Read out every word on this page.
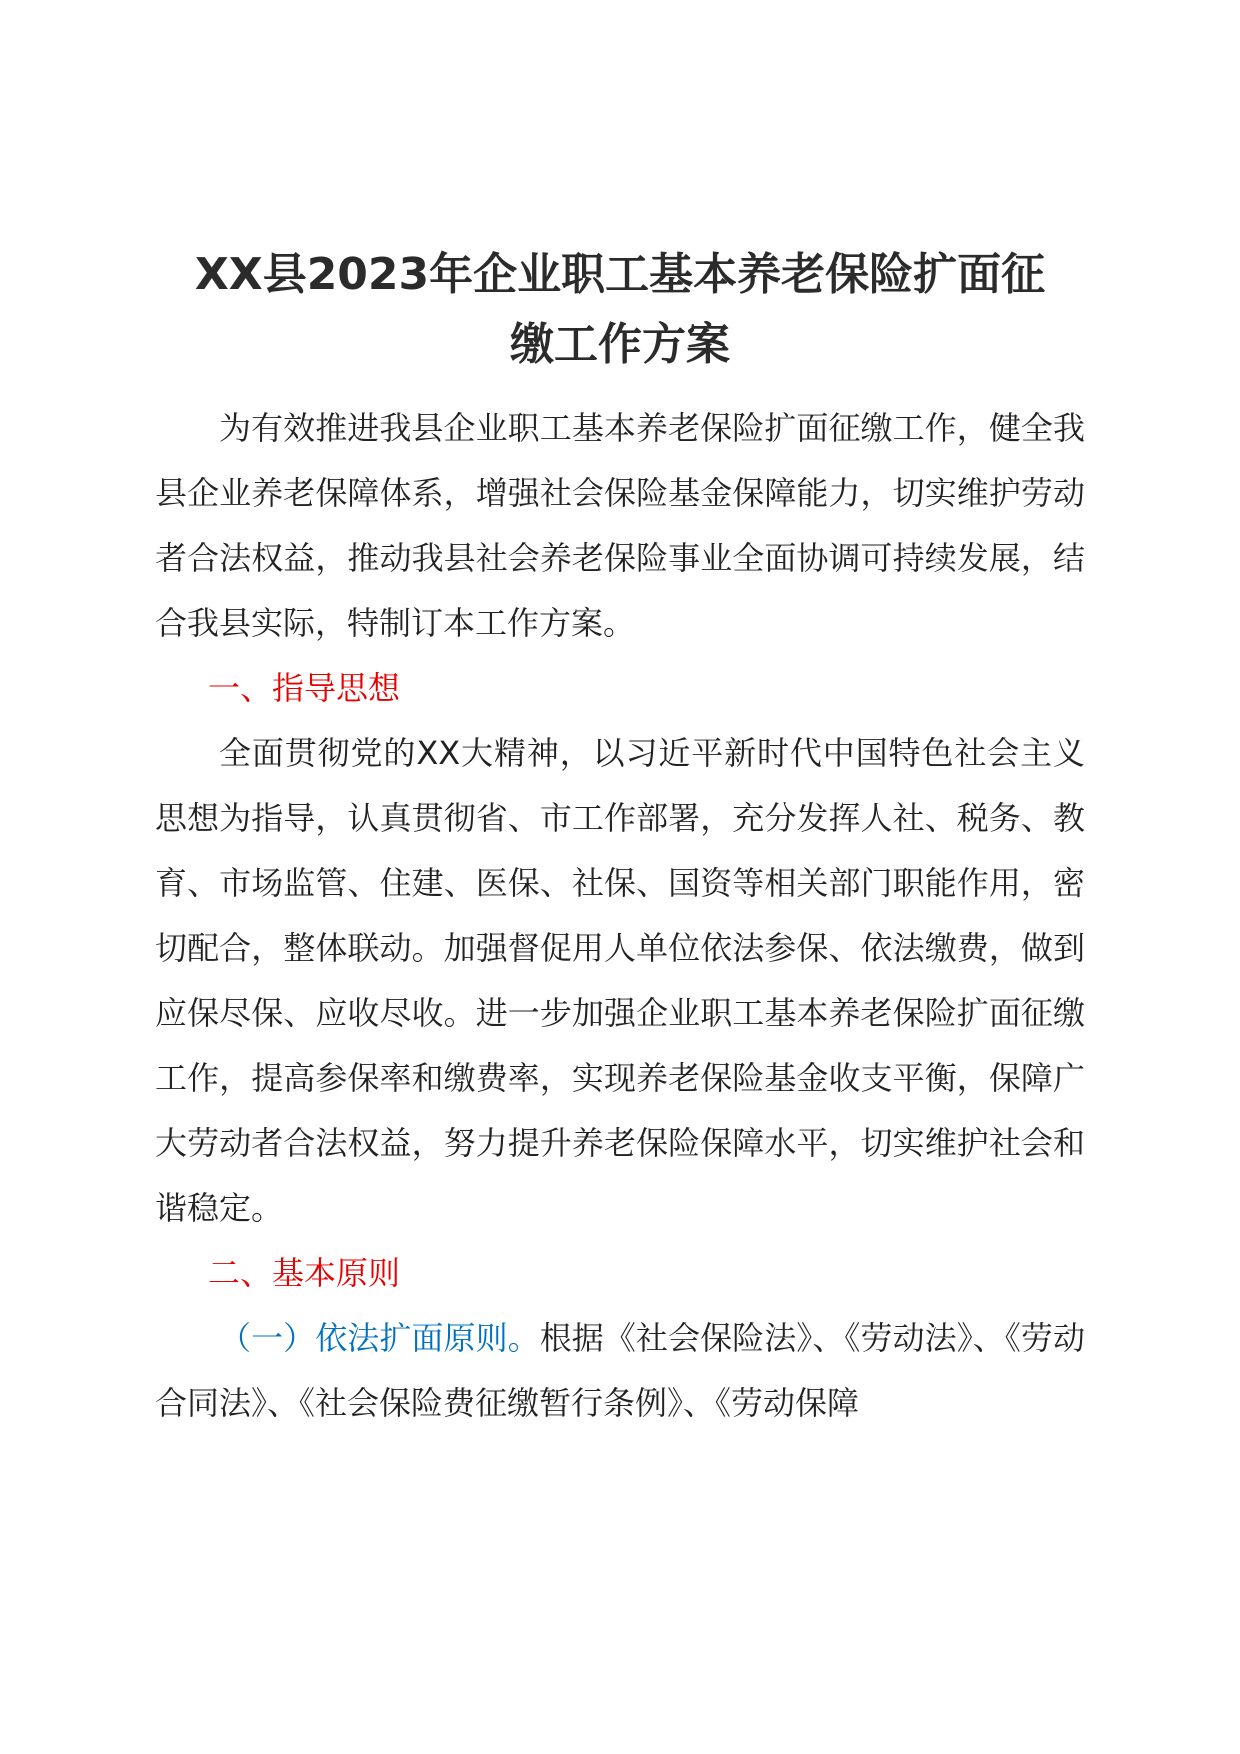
XX县2023年企业职工基本养老保险扩面征
缴工作方案

为有效推进我县企业职工基本养老保险扩面征缴工作，健全我县企业养老保障体系，增强社会保险基金保障能力，切实维护劳动者合法权益，推动我县社会养老保险事业全面协调可持续发展，结合我县实际，特制订本工作方案。

一、指导思想

全面贯彻党的XX大精神，以习近平新时代中国特色社会主义思想为指导，认真贯彻省、市工作部署，充分发挥人社、税务、教育、市场监管、住建、医保、社保、国资等相关部门职能作用，密切配合，整体联动。加强督促用人单位依法参保、依法缴费，做到应保尽保、应收尽收。进一步加强企业职工基本养老保险扩面征缴工作，提高参保率和缴费率，实现养老保险基金收支平衡，保障广大劳动者合法权益，努力提升养老保险保障水平，切实维护社会和谐稳定。

二、基本原则

（一）依法扩面原则。根据《社会保险法》、《劳动法》、《劳动合同法》、《社会保险费征缴暂行条例》、《劳动保障
